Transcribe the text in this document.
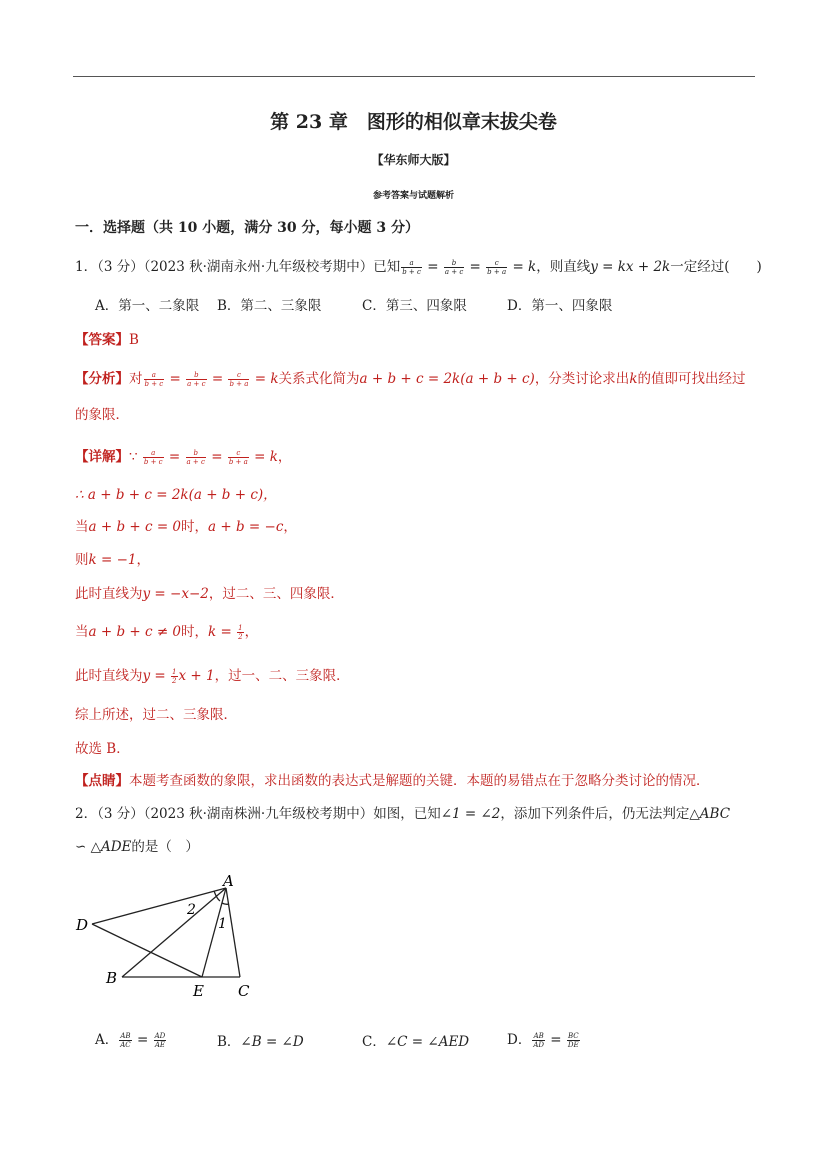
第 23 章　图形的相似章末拔尖卷
【华东师大版】
参考答案与试题解析
一．选择题（共 10 小题，满分 30 分，每小题 3 分）
1．（3 分）（2023 秋·湖南永州·九年级校考期中）已知 $\frac{a}{b + c} = \frac{b}{a + c} = \frac{c}{b + a} = k$，则直线y = kx + 2k一定经过(　　)
A．第一、二象限 B．第二、三象限	C．第三、四象限	D．第一、四象限
【答案】B
【分析】对 $\frac{a}{b + c} = \frac{b}{a + c} = \frac{c}{b + a} = k$关系式化简为a + b + c = 2k(a + b + c)，分类讨论求出k的值即可找出经过
的象限．
【详解】∵ $\frac{a}{b + c} = \frac{b}{a + c} = \frac{c}{b + a} = k$，
∴ a + b + c = 2k(a + b + c)，
当a + b + c = 0时，a + b = −c，
则k = −1，
此时直线为y = −x−2，过二、三、四象限．
当a + b + c ≠ 0时，$k = \frac{1}{2}$ ，
此时直线为$y = \frac{1}{2}$ x + 1，过一、二、三象限．
综上所述，过二、三象限．
故选 B．
【点睛】本题考查函数的象限，求出函数的表达式是解题的关键．本题的易错点在于忽略分类讨论的情况．
2．（3 分）（2023 秋·湖南株洲·九年级校考期中）如图，已知∠1 = ∠2，添加下列条件后，仍无法判定△ABC
∽ △ADE的是（　）
A
D
B
E C
2
1
A． $\frac{AB}{AC} = \frac{AD}{AE}$	B．∠B = ∠D	C．∠C = ∠AED	D． $\frac{AB}{AD} = \frac{BC}{DE}$
